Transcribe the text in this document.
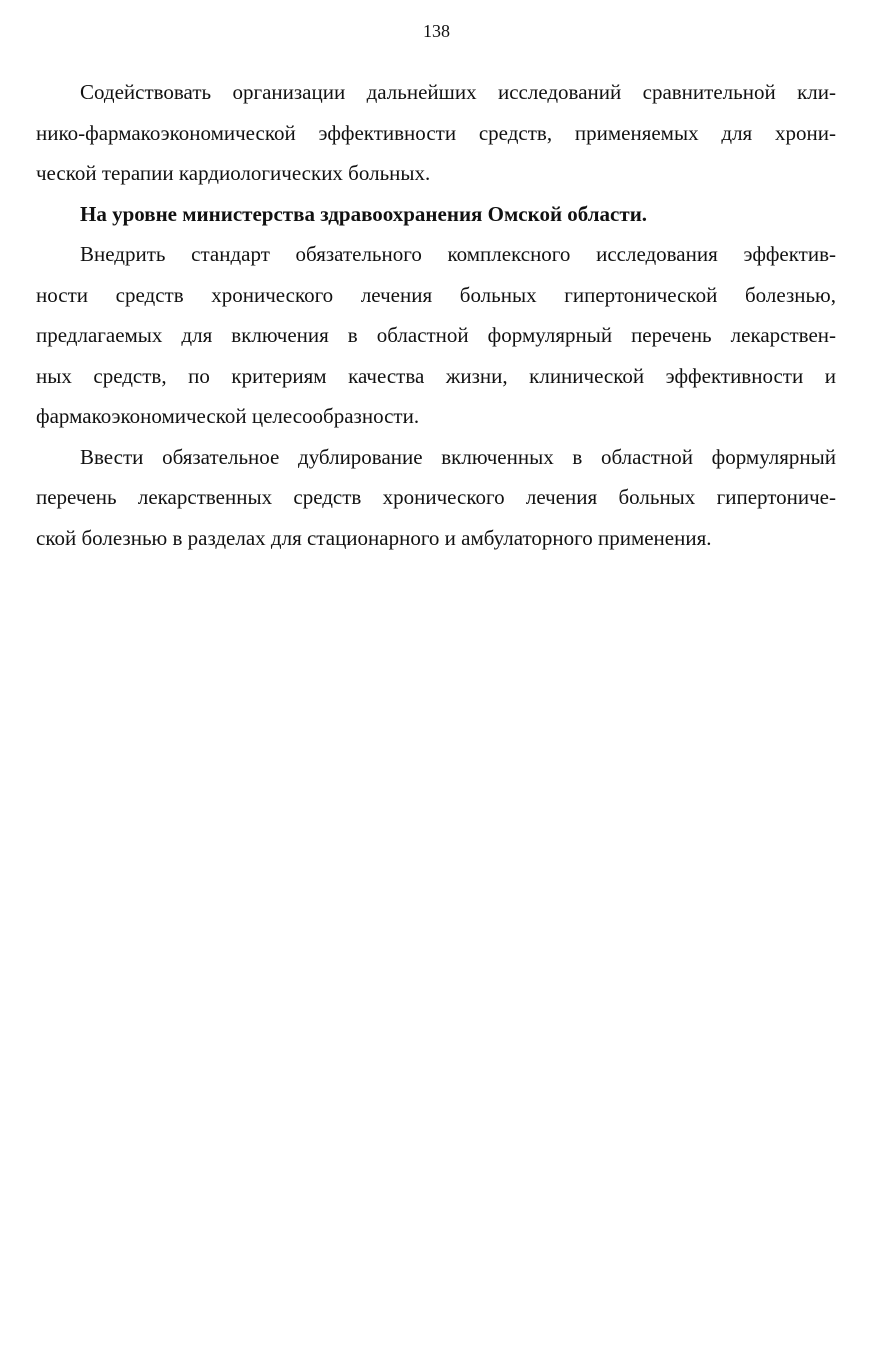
138
Содействовать организации дальнейших исследований сравнительной кли-
нико-фармакоэкономической эффективности средств, применяемых для хрони-
ческой терапии кардиологических больных.
На уровне министерства здравоохранения Омской области.
Внедрить стандарт обязательного комплексного исследования эффектив-
ности средств хронического лечения больных гипертонической болезнью,
предлагаемых для включения в областной формулярный перечень лекарствен-
ных средств, по критериям качества жизни, клинической эффективности и
фармакоэкономической целесообразности.
Ввести обязательное дублирование включенных в областной формулярный
перечень лекарственных средств хронического лечения больных гипертониче-
ской болезнью в разделах для стационарного и амбулаторного применения.
